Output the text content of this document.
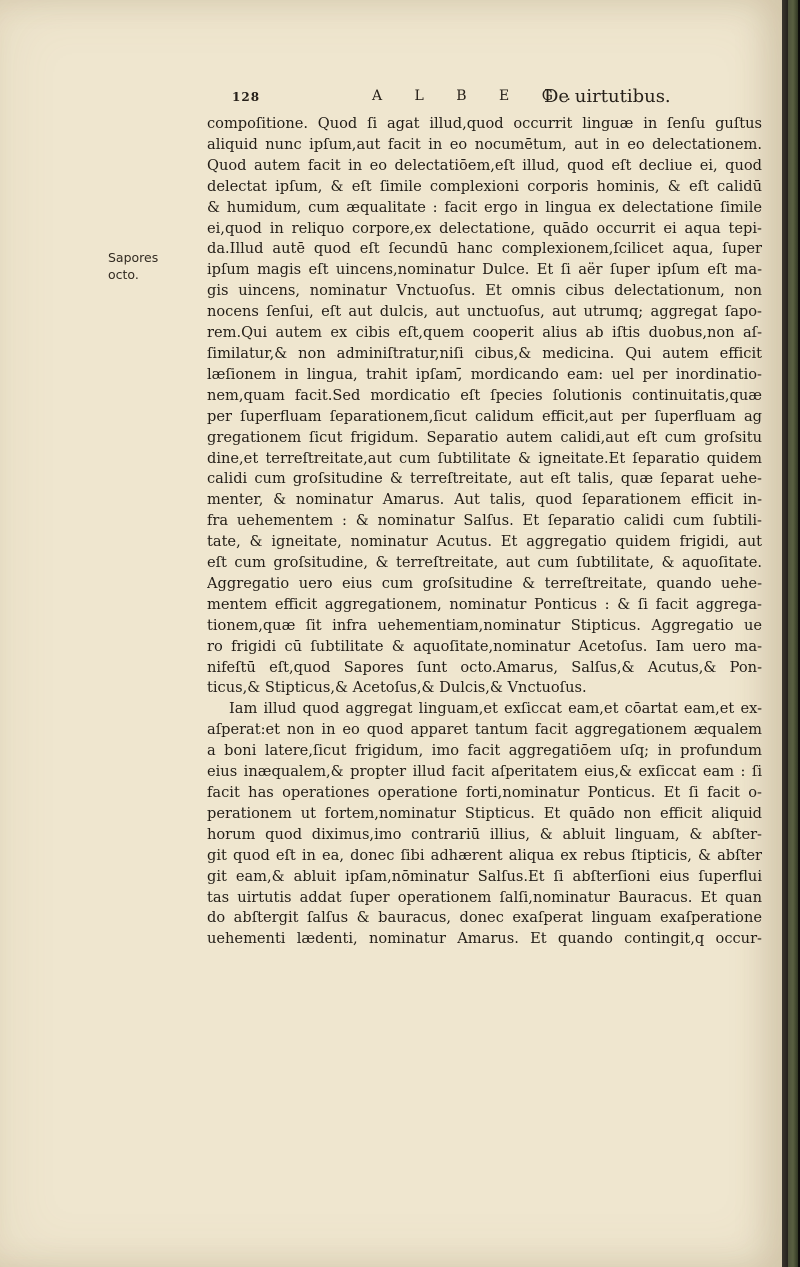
128	A L B E G.
De uirtutibus.
Sapores
octo.
compoſitione. Quod ſi agat illud,quod occurrit linguæ in ſenſu guſtus
aliquid nunc ipſum,aut facit in eo nocumētum, aut in eo delectationem.
Quod autem facit in eo delectatiōem,eſt illud, quod eſt decliue ei, quod
delectat ipſum, & eſt ſimile complexioni corporis hominis, & eſt calidū
& humidum, cum æqualitate : facit ergo in lingua ex delectatione ſimile
ei,quod in reliquo corpore,ex delectatione, quādo occurrit ei aqua tepi-
da.Illud autē quod eſt ſecundū hanc complexionem,ſcilicet aqua, ſuper
ipſum magis eſt uincens,nominatur Dulce. Et ſi aër ſuper ipſum eſt ma-
gis uincens, nominatur Vnctuoſus. Et omnis cibus delectationum, non
nocens ſenſui, eſt aut dulcis, aut unctuoſus, aut utrumq; aggregat ſapo-
rem.Qui autem ex cibis eſt,quem cooperit alius ab iſtis duobus,non aſ-
ſimilatur,& non adminiſtratur,niſi cibus,& medicina. Qui autem efficit
læſionem in lingua, trahit ipſam,̄ mordicando eam: uel per inordinatio-
nem,quam facit.Sed mordicatio eſt ſpecies ſolutionis continuitatis,quæ
per ſuperfluam ſeparationem,ſicut calidum efficit,aut per ſuperfluam ag
gregationem ſicut frigidum. Separatio autem calidi,aut eſt cum groſsitu
dine,et terreſtreitate,aut cum ſubtilitate & igneitate.Et ſeparatio quidem
calidi cum groſsitudine & terreſtreitate, aut eſt talis, quæ ſeparat uehe-
menter, & nominatur Amarus. Aut talis, quod ſeparationem efficit in-
fra uehementem : & nominatur Salſus. Et ſeparatio calidi cum ſubtili-
tate, & igneitate, nominatur Acutus. Et aggregatio quidem frigidi, aut
eſt cum groſsitudine, & terreſtreitate, aut cum ſubtilitate, & aquoſitate.
Aggregatio uero eius cum groſsitudine & terreſtreitate, quando uehe-
mentem efficit aggregationem, nominatur Ponticus : & ſi facit aggrega-
tionem,quæ ſit infra uehementiam,nominatur Stipticus. Aggregatio ue
ro frigidi cū ſubtilitate & aquoſitate,nominatur Acetoſus. Iam uero ma-
nifeſtū eſt,quod Sapores ſunt octo.Amarus, Salſus,& Acutus,& Pon-
ticus,& Stipticus,& Acetoſus,& Dulcis,& Vnctuoſus.
Iam illud quod aggregat linguam,et exſiccat eam,et cōartat eam,et ex-
aſperat:et non in eo quod apparet tantum facit aggregationem æqualem
a boni latere,ſicut frigidum, imo facit aggregatiōem uſq; in profundum
eius inæqualem,& propter illud facit aſperitatem eius,& exſiccat eam : ſi
facit has operationes operatione forti,nominatur Ponticus. Et ſi facit o-
perationem ut fortem,nominatur Stipticus. Et quādo non efficit aliquid
horum quod diximus,imo contrariū illius, & abluit linguam, & abſter-
git quod eſt in ea, donec ſibi adhærent aliqua ex rebus ſtipticis, & abſter
git eam,& abluit ipſam,nōminatur Salſus.Et ſi abſterſioni eius ſuperflui
tas uirtutis addat ſuper operationem ſalſi,nominatur Bauracus. Et quan
do abſtergit ſalſus & bauracus, donec exaſperat linguam exaſperatione
uehementi lædenti, nominatur Amarus. Et quando contingit,q occur-
